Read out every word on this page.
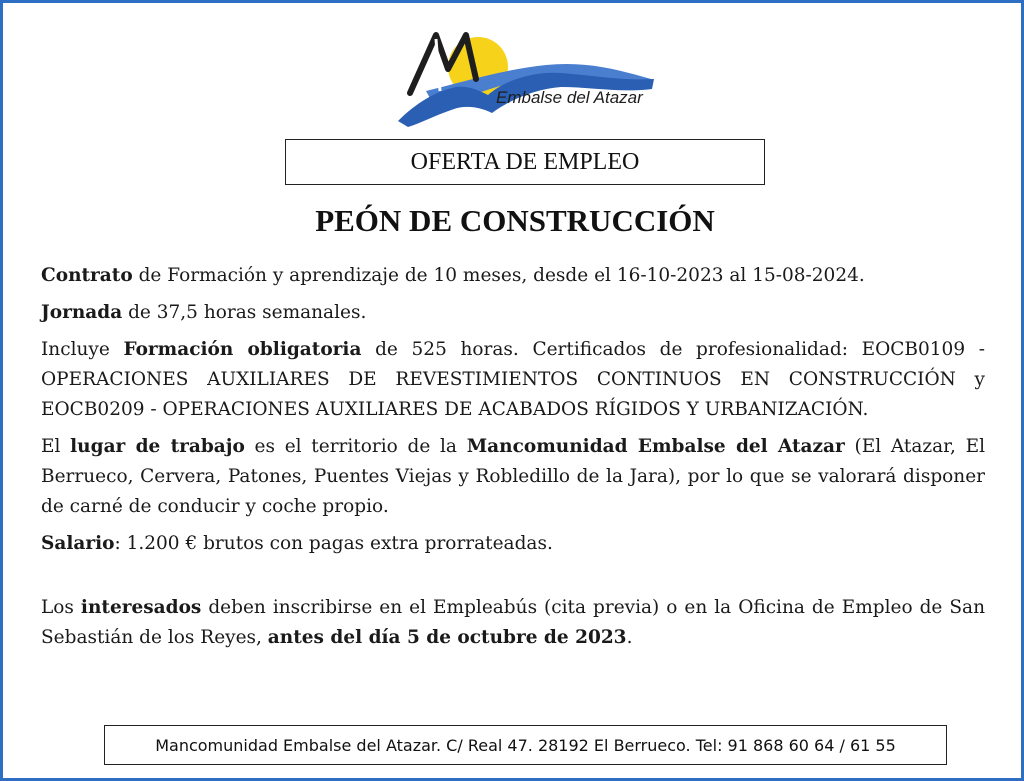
Embalse del Atazar
OFERTA DE EMPLEO
PEÓN DE CONSTRUCCIÓN

Contrato de Formación y aprendizaje de 10 meses, desde el 16-10-2023 al 15-08-2024.

Jornada de 37,5 horas semanales.

Incluye Formación obligatoria de 525 horas. Certificados de profesionalidad: EOCB0109 - OPERACIONES AUXILIARES DE REVESTIMIENTOS CONTINUOS EN CONSTRUCCIÓN y EOCB0209 - OPERACIONES AUXILIARES DE ACABADOS RÍGIDOS Y URBANIZACIÓN.

El lugar de trabajo es el territorio de la Mancomunidad Embalse del Atazar (El Atazar, El Berrueco, Cervera, Patones, Puentes Viejas y Robledillo de la Jara), por lo que se valorará disponer de carné de conducir y coche propio.

Salario: 1.200 € brutos con pagas extra prorrateadas.

Los interesados deben inscribirse en el Empleabús (cita previa) o en la Oficina de Empleo de San Sebastián de los Reyes, antes del día 5 de octubre de 2023.

Mancomunidad Embalse del Atazar. C/ Real 47. 28192 El Berrueco. Tel: 91 868 60 64 / 61 55
